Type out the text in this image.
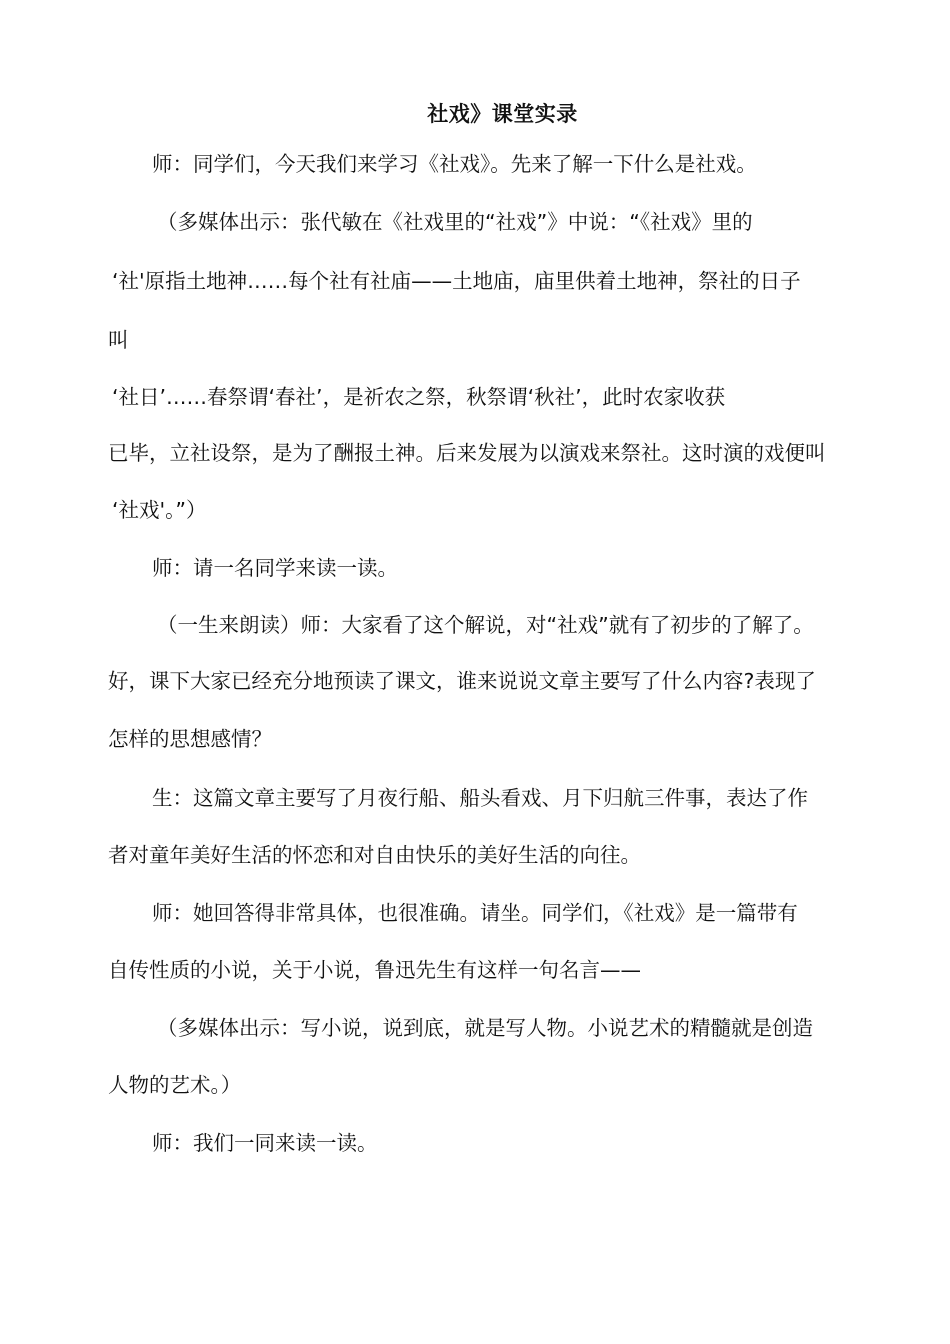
社戏》课堂实录
师：同学们，今天我们来学习《社戏》。先来了解一下什么是社戏。
（多媒体出示：张代敏在《社戏里的“社戏”》中说：“《社戏》里的
‘社'原指土地神……每个社有社庙——土地庙，庙里供着土地神，祭社的日子
叫
‘社日’……春祭谓‘春社’，是祈农之祭，秋祭谓‘秋社’，此时农家收获
已毕，立社设祭，是为了酬报土神。后来发展为以演戏来祭社。这时演的戏便叫
‘社戏'。”）
师：请一名同学来读一读。
（一生来朗读）师：大家看了这个解说，对“社戏”就有了初步的了解了。
好，课下大家已经充分地预读了课文，谁来说说文章主要写了什么内容?表现了
怎样的思想感情？
生：这篇文章主要写了月夜行船、船头看戏、月下归航三件事，表达了作
者对童年美好生活的怀恋和对自由快乐的美好生活的向往。
师：她回答得非常具体，也很准确。请坐。同学们，《社戏》是一篇带有
自传性质的小说，关于小说，鲁迅先生有这样一句名言——
（多媒体出示：写小说，说到底，就是写人物。小说艺术的精髓就是创造
人物的艺术。）
师：我们一同来读一读。
